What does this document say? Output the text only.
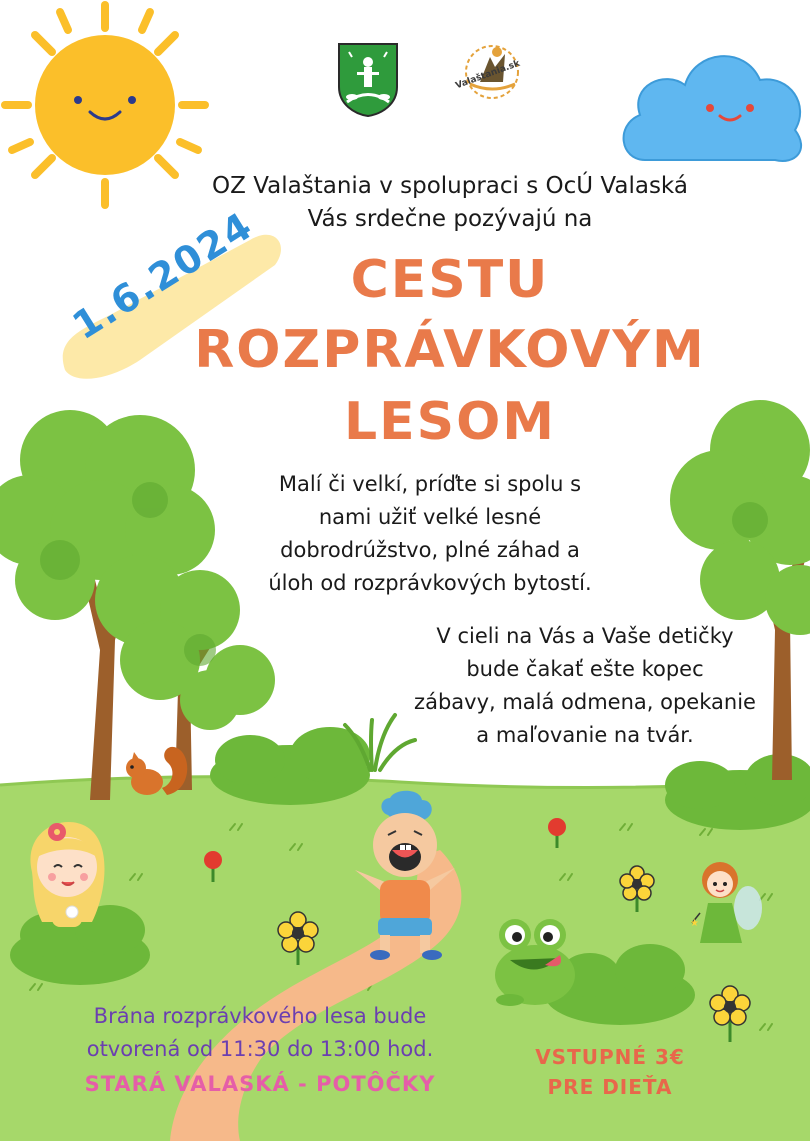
Valaštania.sk
1.6.2024
OZ Valaštania v spolupraci s OcÚ Valaská
Vás srdečne pozývajú na
CESTU
ROZPRÁVKOVÝM
LESOM
Malí či velkí, príďte si spolu s
nami užiť velké lesné
dobrodrúžstvo, plné záhad a
úloh od rozprávkových bytostí.
V cieli na Vás a Vaše detičky
bude čakať ešte kopec
zábavy, malá odmena, opekanie
a maľovanie na tvár.
★
Brána rozprávkového lesa bude
otvorená od 11:30 do 13:00 hod.
STARÁ VALASKÁ - POTÔČKY
VSTUPNÉ 3€
PRE DIEŤA
